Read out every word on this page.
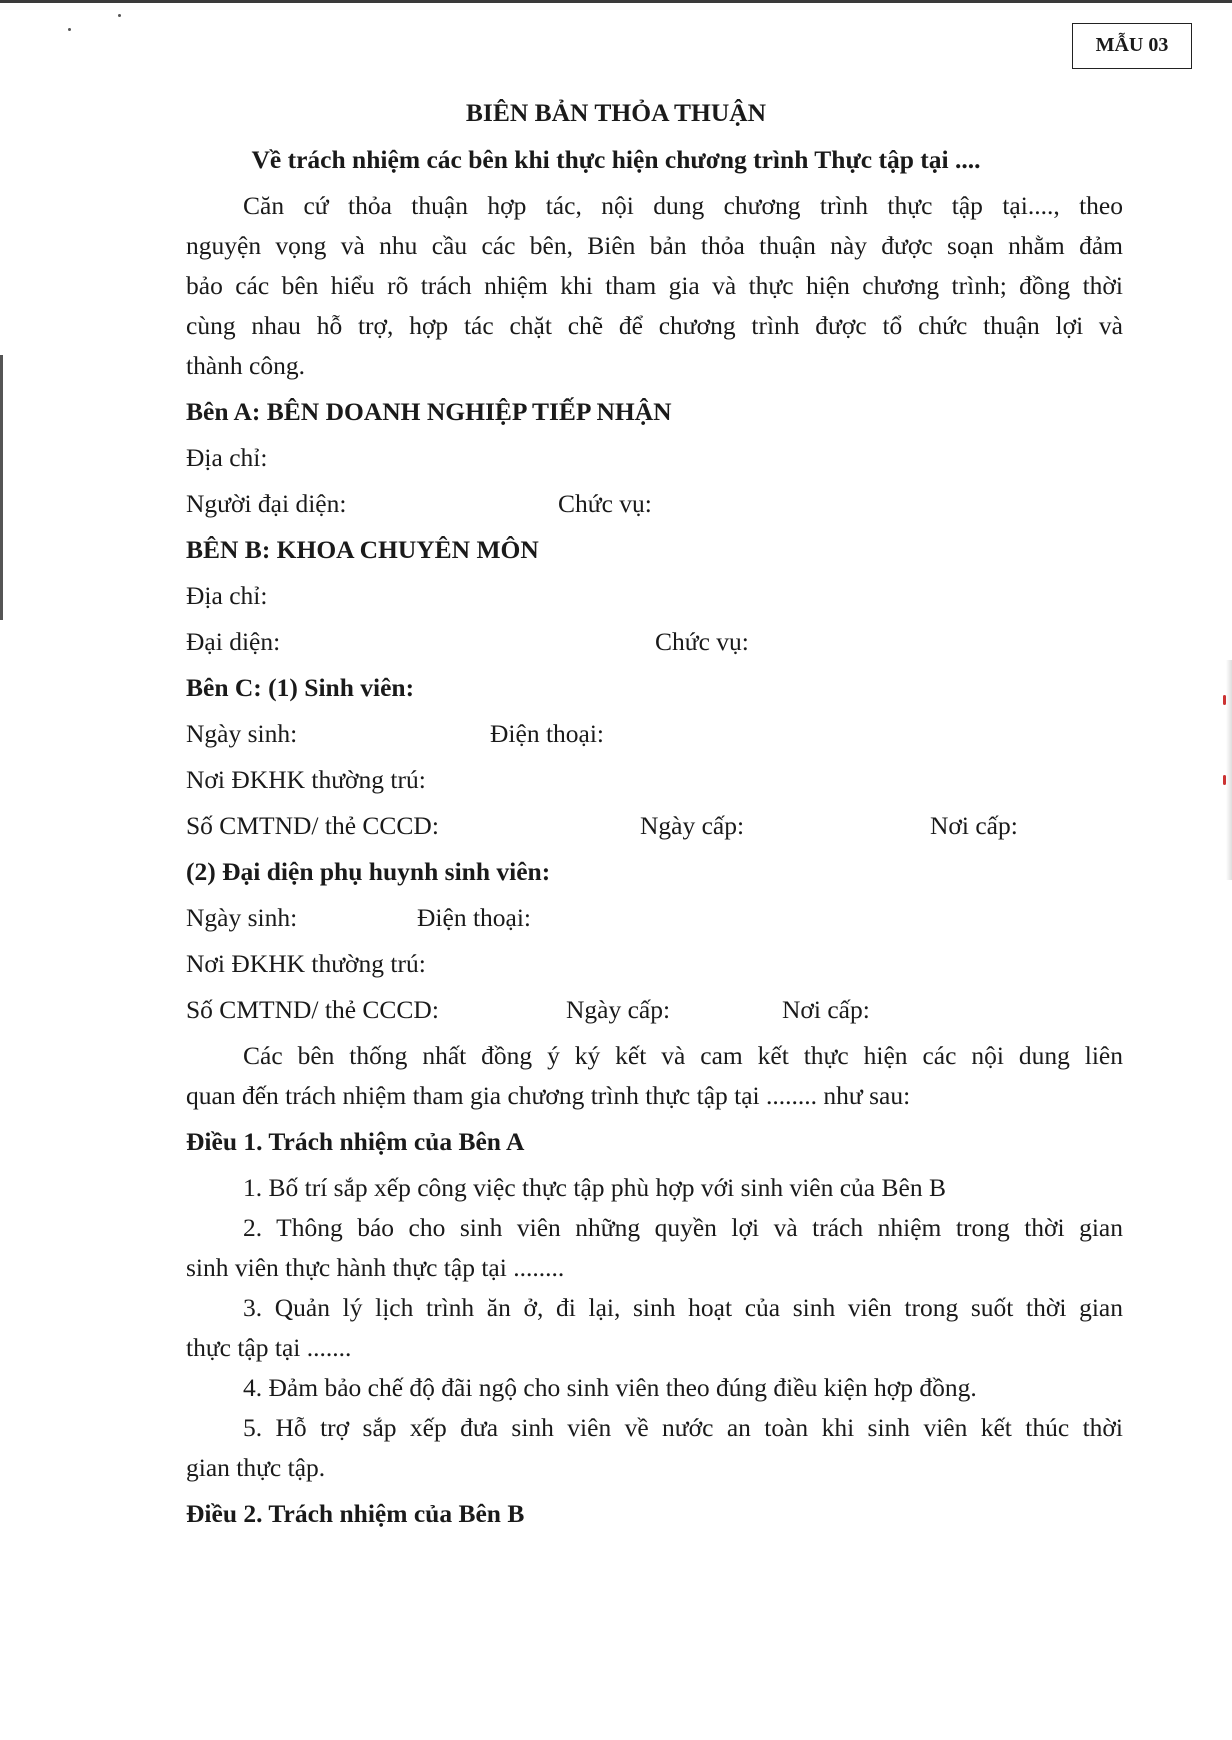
MẪU 03
BIÊN BẢN THỎA THUẬN
Về trách nhiệm các bên khi thực hiện chương trình Thực tập tại ....
Căn cứ thỏa thuận hợp tác, nội dung chương trình thực tập tại...., theo
nguyện vọng và nhu cầu các bên, Biên bản thỏa thuận này được soạn nhằm đảm
bảo các bên hiểu rõ trách nhiệm khi tham gia và thực hiện chương trình; đồng thời
cùng nhau hỗ trợ, hợp tác chặt chẽ để chương trình được tổ chức thuận lợi và
thành công.
Bên A: BÊN DOANH NGHIỆP TIẾP NHẬN
Địa chỉ:
Người đại diện:	Chức vụ:
BÊN B: KHOA CHUYÊN MÔN
Địa chỉ:
Đại diện:	Chức vụ:
Bên C: (1) Sinh viên:
Ngày sinh:	Điện thoại:
Nơi ĐKHK thường trú:
Số CMTND/ thẻ CCCD:	Ngày cấp:	Nơi cấp:
(2) Đại diện phụ huynh sinh viên:
Ngày sinh:	Điện thoại:
Nơi ĐKHK thường trú:
Số CMTND/ thẻ CCCD:	Ngày cấp:	Nơi cấp:
Các bên thống nhất đồng ý ký kết và cam kết thực hiện các nội dung liên
quan đến trách nhiệm tham gia chương trình thực tập tại ........ như sau:
Điều 1. Trách nhiệm của Bên A
1. Bố trí sắp xếp công việc thực tập phù hợp với sinh viên của Bên B
2. Thông báo cho sinh viên những quyền lợi và trách nhiệm trong thời gian
sinh viên thực hành thực tập tại ........
3. Quản lý lịch trình ăn ở, đi lại, sinh hoạt của sinh viên trong suốt thời gian
thực tập tại .......
4. Đảm bảo chế độ đãi ngộ cho sinh viên theo đúng điều kiện hợp đồng.
5. Hỗ trợ sắp xếp đưa sinh viên về nước an toàn khi sinh viên kết thúc thời
gian thực tập.
Điều 2. Trách nhiệm của Bên B
